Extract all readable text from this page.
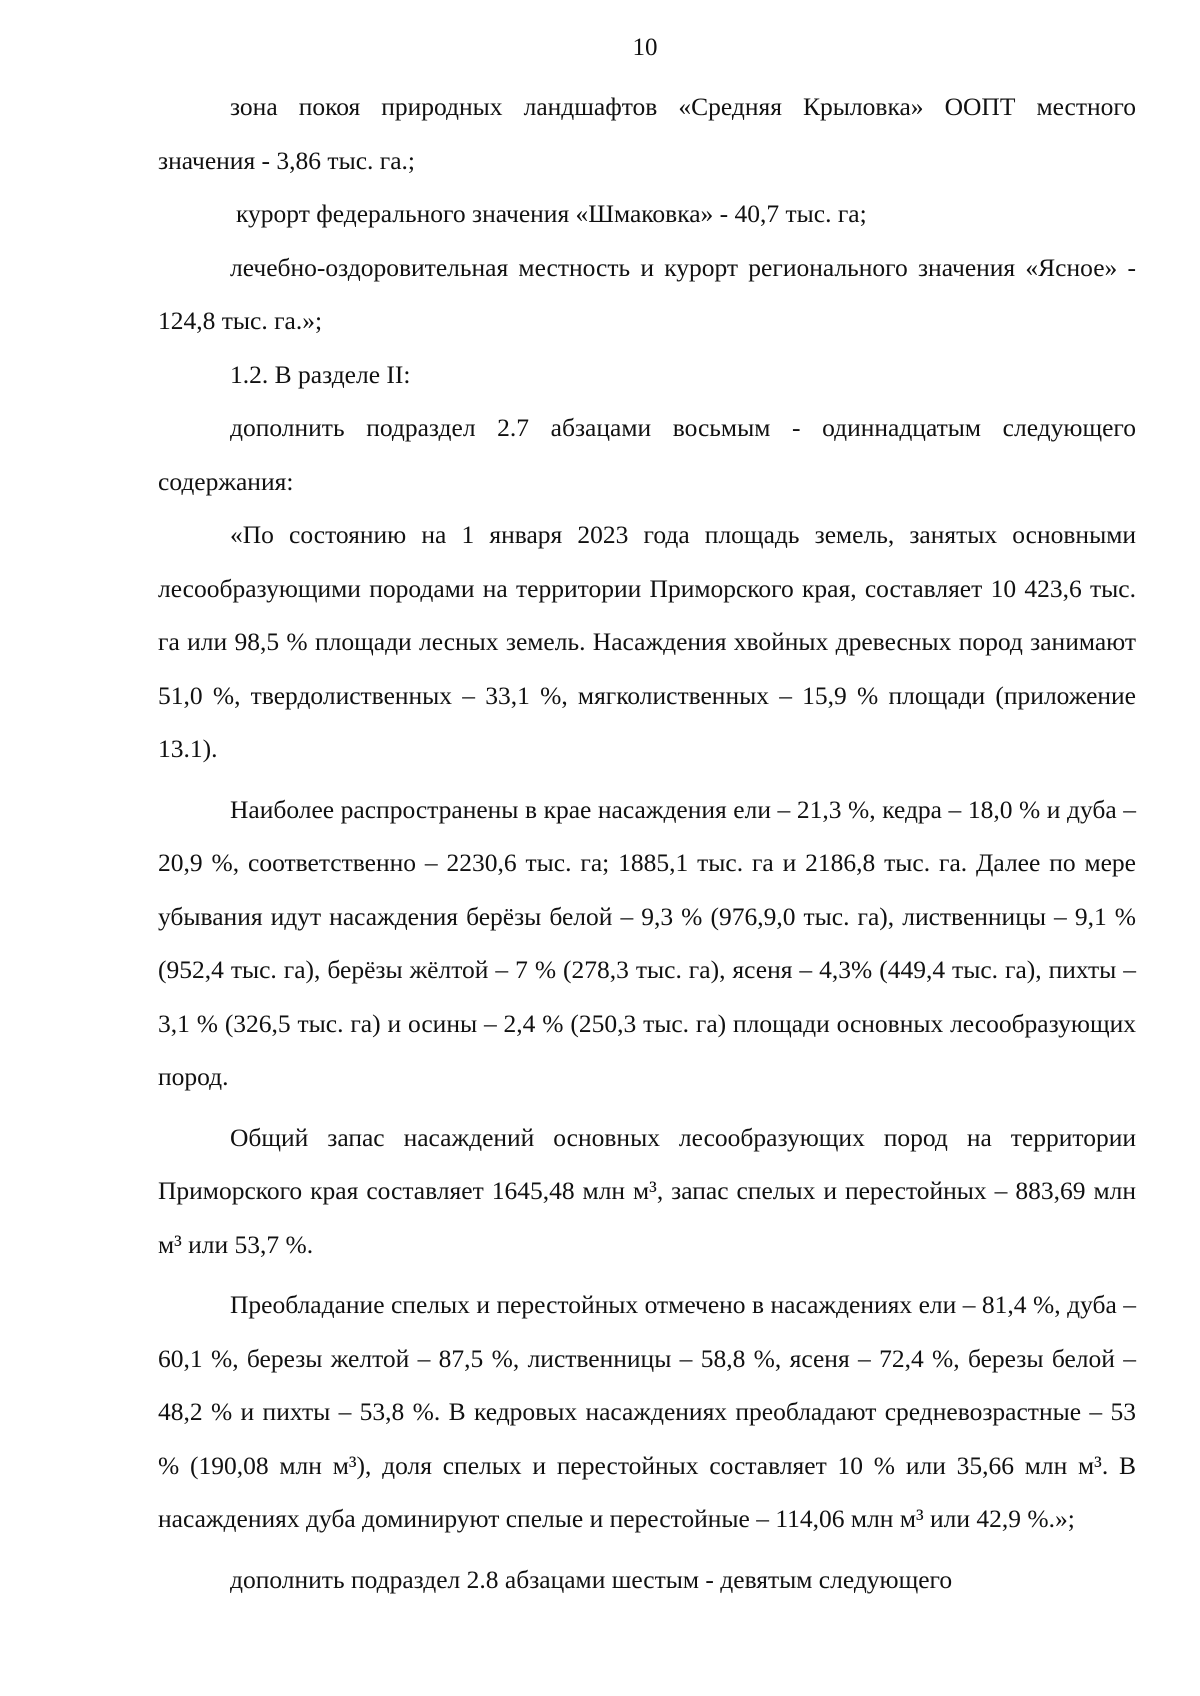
10

зона покоя природных ландшафтов «Средняя Крыловка» ООПТ местного значения - 3,86 тыс. га.;

курорт федерального значения «Шмаковка» - 40,7 тыс. га;

лечебно-оздоровительная местность и курорт регионального значения «Ясное» - 124,8 тыс. га.»;

1.2. В разделе II:

дополнить подраздел 2.7 абзацами восьмым - одиннадцатым следующего содержания:

«По состоянию на 1 января 2023 года площадь земель, занятых основными лесообразующими породами на территории Приморского края, составляет 10 423,6 тыс. га или 98,5 % площади лесных земель. Насаждения хвойных древесных пород занимают 51,0 %, твердолиственных – 33,1 %, мягколиственных – 15,9 % площади (приложение 13.1).

Наиболее распространены в крае насаждения ели – 21,3 %, кедра – 18,0 % и дуба – 20,9 %, соответственно – 2230,6 тыс. га; 1885,1 тыс. га и 2186,8 тыс. га. Далее по мере убывания идут насаждения берёзы белой – 9,3 % (976,9,0 тыс. га), лиственницы – 9,1 % (952,4 тыс. га), берёзы жёлтой – 7 % (278,3 тыс. га), ясеня – 4,3% (449,4 тыс. га), пихты – 3,1 % (326,5 тыс. га) и осины – 2,4 % (250,3 тыс. га) площади основных лесообразующих пород.

Общий запас насаждений основных лесообразующих пород на территории Приморского края составляет 1645,48 млн м³, запас спелых и перестойных – 883,69 млн м³ или 53,7 %.

Преобладание спелых и перестойных отмечено в насаждениях ели – 81,4 %, дуба – 60,1 %, березы желтой – 87,5 %, лиственницы – 58,8 %, ясеня – 72,4 %, березы белой – 48,2 % и пихты – 53,8 %. В кедровых насаждениях преобладают средневозрастные – 53 % (190,08 млн м³), доля спелых и перестойных составляет 10 % или 35,66 млн м³. В насаждениях дуба доминируют спелые и перестойные – 114,06 млн м³ или 42,9 %.»;

дополнить подраздел 2.8 абзацами шестым - девятым следующего
